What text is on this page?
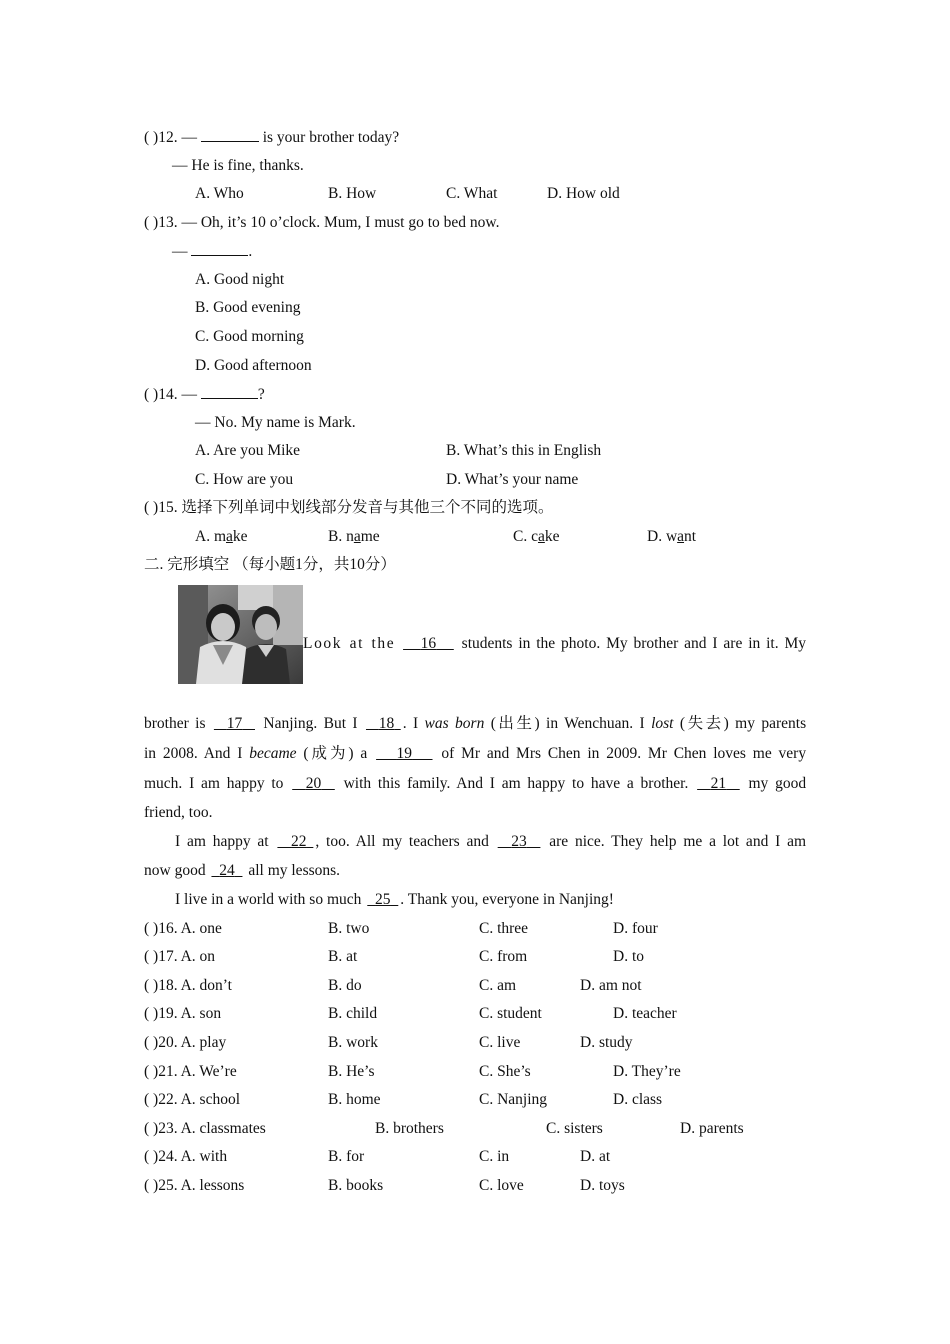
( )12. —	is your brother today?
— He is fine, thanks.
A. Who	B. How	C. What	D. How old
( )13. — Oh, it’s 10 o’clock. Mum, I must go to bed now.
—	.
A. Good night
B. Good evening
C. Good morning
D. Good afternoon
( )14. —	?
— No. My name is Mark.
A. Are you Mike	B. What’s this in English
C. How are you	D. What’s your name
( )15. 选择下列单词中划线部分发音与其他三个不同的选项。
A. make	B. name	C. cake	D. want
二. 完形填空 （每小题1分，共10分）
Look at the 16 students in the photo. My brother and I are in it. My
brother is 17 Nanjing. But I 18 . I was born (出生) in Wenchuan. I lost (失去) my parents
in 2008. And I became (成为) a 19 of Mr and Mrs Chen in 2009. Mr Chen loves me very
much. I am happy to 20 with this family. And I am happy to have a brother. 21 my good
friend, too.
I am happy at 22 , too. All my teachers and 23 are nice. They help me a lot and I am
now good 24 all my lessons.
I live in a world with so much 25 . Thank you, everyone in Nanjing!
( )16. A. one	B. two	C. three	D. four
( )17. A. on	B. at	C. from	D. to
( )18. A. don’t	B. do	C. am	D. am not
( )19. A. son	B. child	C. student	D. teacher
( )20. A. play	B. work	C. live	D. study
( )21. A. We’re	B. He’s	C. She’s	D. They’re
( )22. A. school	B. home	C. Nanjing	D. class
( )23. A. classmates	B. brothers	C. sisters	D. parents
( )24. A. with	B. for	C. in	D. at
( )25. A. lessons	B. books	C. love	D. toys
